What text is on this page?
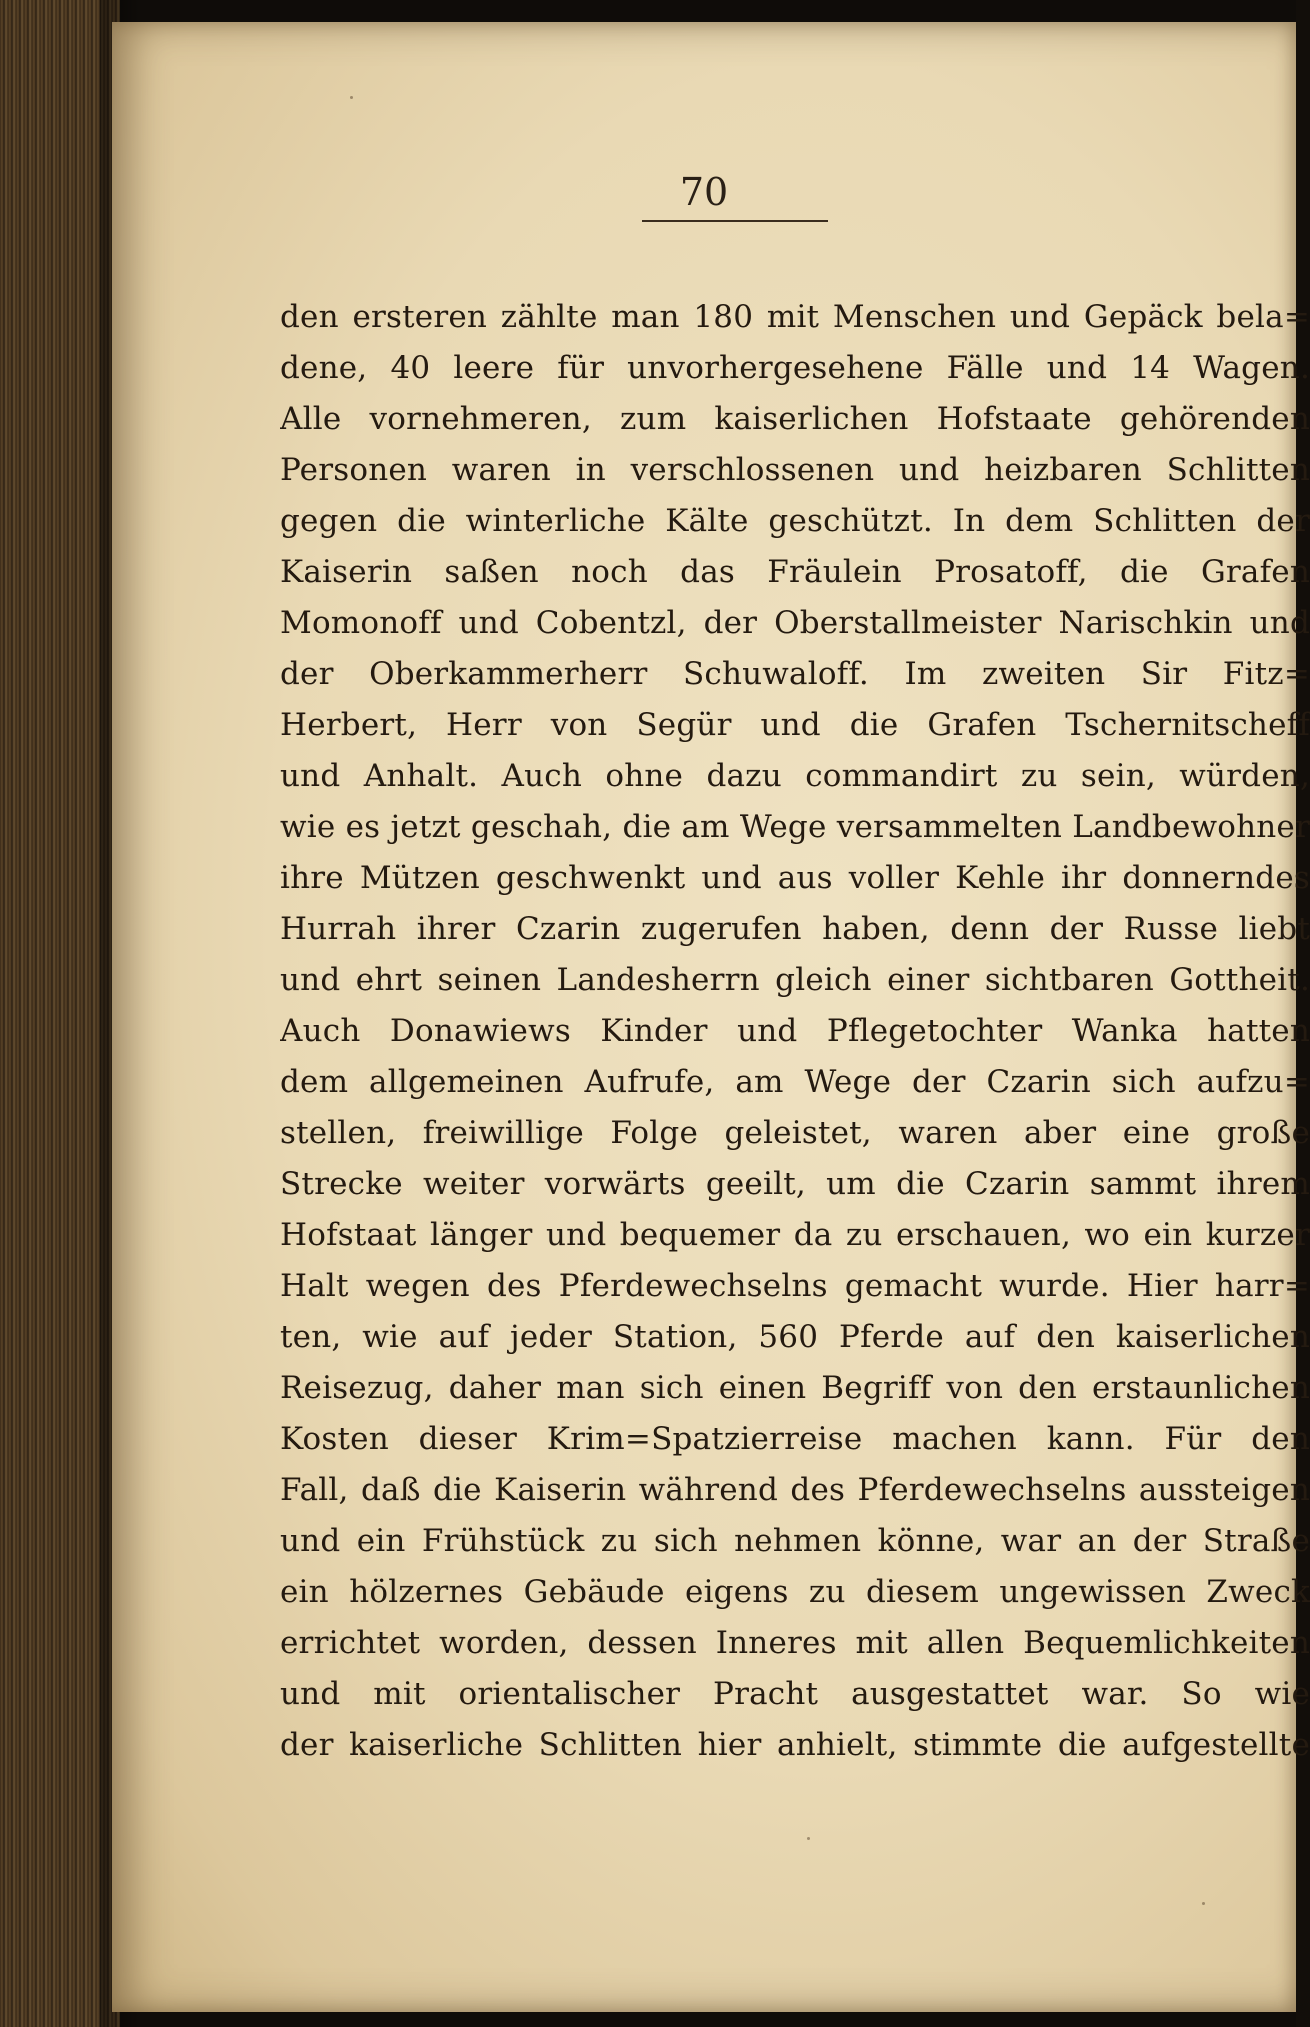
70

den ersteren zählte man 180 mit Menschen und Gepäck bela=
dene, 40 leere für unvorhergesehene Fälle und 14 Wagen.
Alle vornehmeren, zum kaiserlichen Hofstaate gehörenden
Personen waren in verschlossenen und heizbaren Schlitten
gegen die winterliche Kälte geschützt. In dem Schlitten der
Kaiserin saßen noch das Fräulein Prosatoff, die Grafen
Momonoff und Cobentzl, der Oberstallmeister Narischkin und
der Oberkammerherr Schuwaloff. Im zweiten Sir Fitz=
Herbert, Herr von Segür und die Grafen Tschernitscheff
und Anhalt. Auch ohne dazu commandirt zu sein, würden,
wie es jetzt geschah, die am Wege versammelten Landbewohner
ihre Mützen geschwenkt und aus voller Kehle ihr donnerndes
Hurrah ihrer Czarin zugerufen haben, denn der Russe liebt
und ehrt seinen Landesherrn gleich einer sichtbaren Gottheit.
Auch Donawiews Kinder und Pflegetochter Wanka hatten
dem allgemeinen Aufrufe, am Wege der Czarin sich aufzu=
stellen, freiwillige Folge geleistet, waren aber eine große
Strecke weiter vorwärts geeilt, um die Czarin sammt ihrem
Hofstaat länger und bequemer da zu erschauen, wo ein kurzer
Halt wegen des Pferdewechselns gemacht wurde. Hier harr=
ten, wie auf jeder Station, 560 Pferde auf den kaiserlichen
Reisezug, daher man sich einen Begriff von den erstaunlichen
Kosten dieser Krim=Spatzierreise machen kann. Für den
Fall, daß die Kaiserin während des Pferdewechselns aussteigen
und ein Frühstück zu sich nehmen könne, war an der Straße
ein hölzernes Gebäude eigens zu diesem ungewissen Zweck
errichtet worden, dessen Inneres mit allen Bequemlichkeiten
und mit orientalischer Pracht ausgestattet war. So wie
der kaiserliche Schlitten hier anhielt, stimmte die aufgestellte
